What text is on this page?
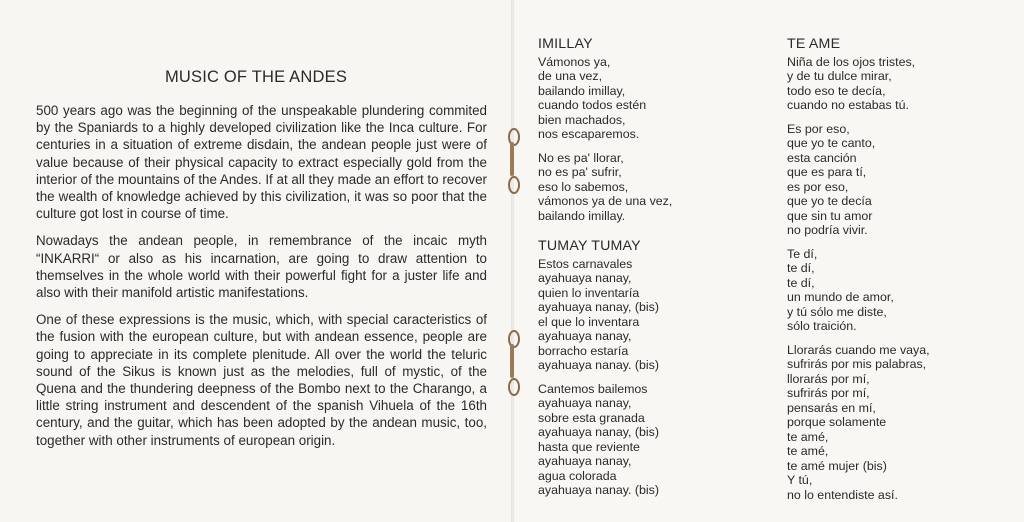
MUSIC OF THE ANDES

500 years ago was the beginning of the unspeakable plundering commited by the Spaniards to a highly developed civilization like the Inca culture. For centuries in a situation of extreme disdain, the andean people just were of value because of their physical capacity to extract especially gold from the interior of the mountains of the Andes. If at all they made an effort to recover the wealth of knowledge achieved by this civilization, it was so poor that the culture got lost in course of time.

Nowadays the andean people, in remembrance of the incaic myth “INKARRI“ or also as his incarnation, are going to draw attention to themselves in the whole world with their powerful fight for a juster life and also with their manifold artistic manifestations.

One of these expressions is the music, which, with special caracteristics of the fusion with the european culture, but with andean essence, people are going to appreciate in its complete plenitude. All over the world the teluric sound of the Sikus is known just as the melodies, full of mystic, of the Quena and the thundering deepness of the Bombo next to the Charango, a little string instrument and descendent of the spanish Vihuela of the 16th century, and the guitar, which has been adopted by the andean music, too, together with other instruments of european origin.

IMILLAY
Vámonos ya,
de una vez,
bailando imillay,
cuando todos estén
bien machados,
nos escaparemos.
No es pa' llorar,
no es pa' sufrir,
eso lo sabemos,
vámonos ya de una vez,
bailando imillay.
TUMAY TUMAY
Estos carnavales
ayahuaya nanay,
quien lo inventaría
ayahuaya nanay, (bis)
el que lo inventara
ayahuaya nanay,
borracho estaría
ayahuaya nanay. (bis)
Cantemos bailemos
ayahuaya nanay,
sobre esta granada
ayahuaya nanay, (bis)
hasta que reviente
ayahuaya nanay,
agua colorada
ayahuaya nanay. (bis)
TE AME
Niña de los ojos tristes,
y de tu dulce mirar,
todo eso te decía,
cuando no estabas tú.
Es por eso,
que yo te canto,
esta canción
que es para tí,
es por eso,
que yo te decía
que sin tu amor
no podría vivir.
Te dí,
te dí,
te dí,
un mundo de amor,
y tú sólo me diste,
sólo traición.
Llorarás cuando me vaya,
sufrirás por mis palabras,
llorarás por mí,
sufrirás por mí,
pensarás en mí,
porque solamente
te amé,
te amé,
te amé mujer (bis)
Y tú,
no lo entendiste así.
